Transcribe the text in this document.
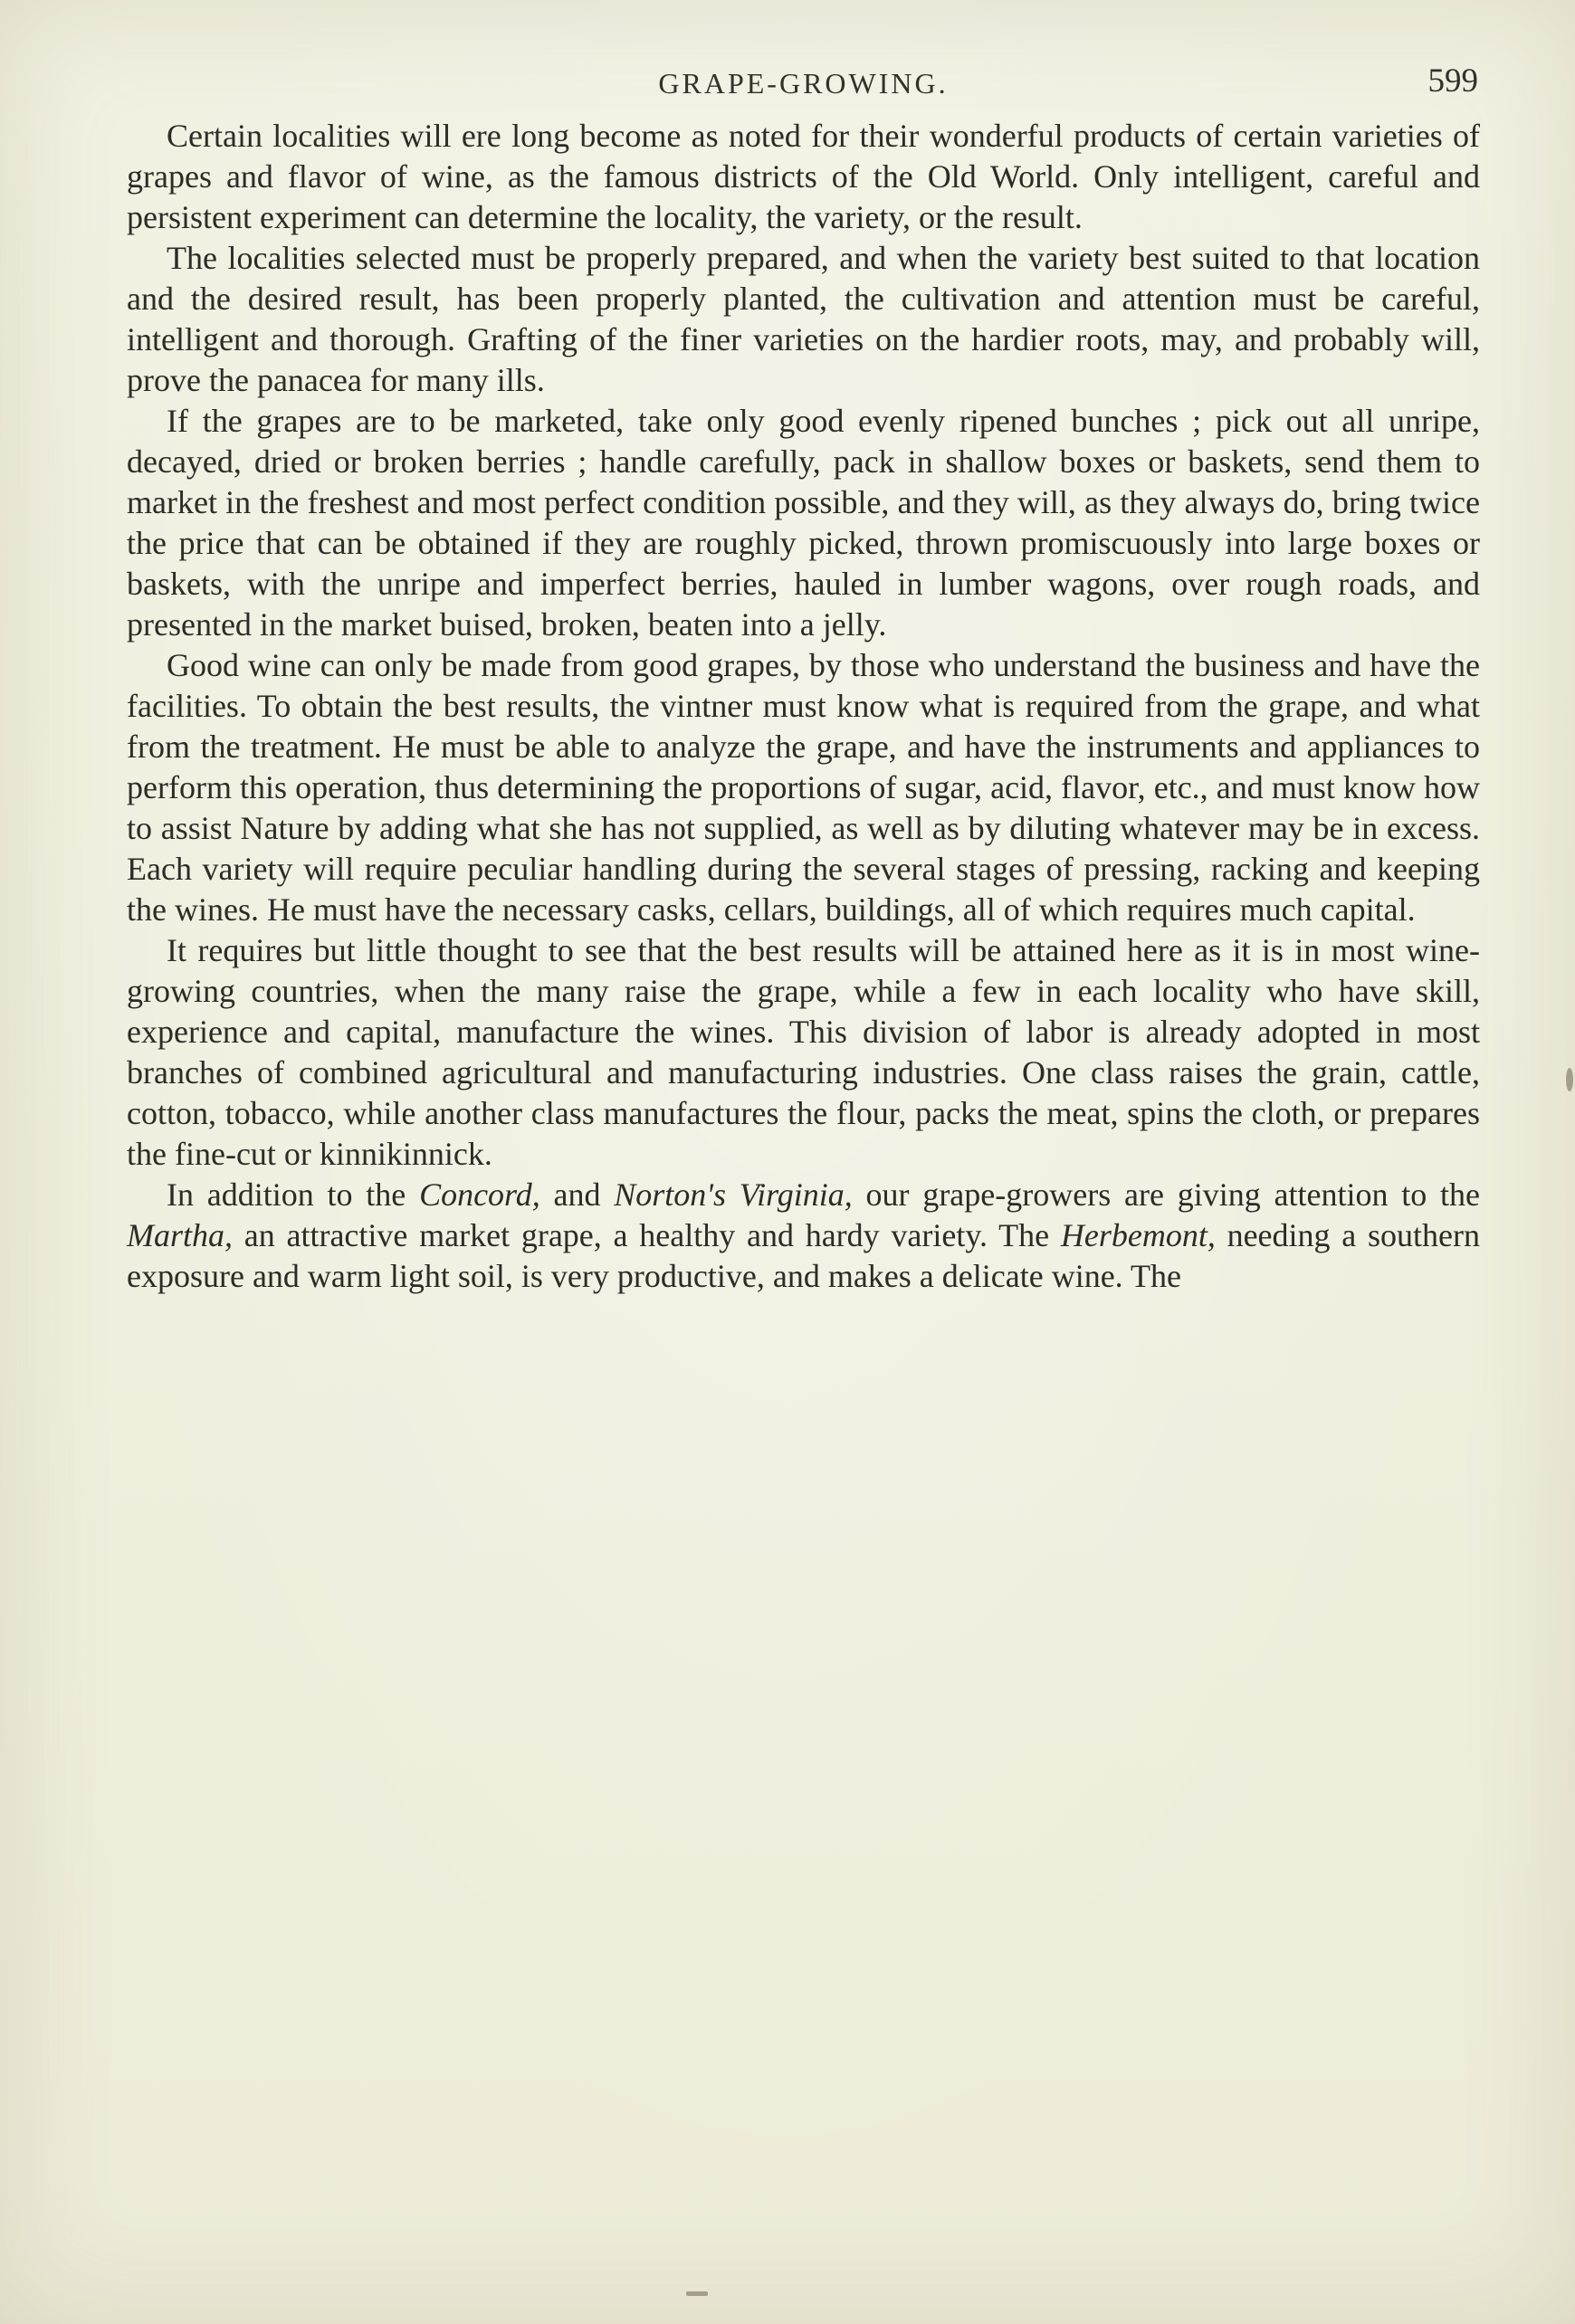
GRAPE-GROWING.	599

Certain localities will ere long become as noted for their wonderful products of certain varieties of grapes and flavor of wine, as the famous districts of the Old World. Only intelligent, careful and persistent experiment can determine the locality, the variety, or the result.

The localities selected must be properly prepared, and when the variety best suited to that location and the desired result, has been properly planted, the cultivation and attention must be careful, intelligent and thorough. Grafting of the finer varieties on the hardier roots, may, and probably will, prove the panacea for many ills.

If the grapes are to be marketed, take only good evenly ripened bunches ; pick out all unripe, decayed, dried or broken berries ; handle carefully, pack in shallow boxes or baskets, send them to market in the freshest and most perfect condition possible, and they will, as they always do, bring twice the price that can be obtained if they are roughly picked, thrown promiscuously into large boxes or baskets, with the unripe and imperfect berries, hauled in lumber wagons, over rough roads, and presented in the market buised, broken, beaten into a jelly.

Good wine can only be made from good grapes, by those who understand the business and have the facilities. To obtain the best results, the vintner must know what is required from the grape, and what from the treatment. He must be able to analyze the grape, and have the instruments and appliances to perform this operation, thus determining the proportions of sugar, acid, flavor, etc., and must know how to assist Nature by adding what she has not supplied, as well as by diluting whatever may be in excess. Each variety will require peculiar handling during the several stages of pressing, racking and keeping the wines. He must have the necessary casks, cellars, buildings, all of which requires much capital.

It requires but little thought to see that the best results will be attained here as it is in most wine-growing countries, when the many raise the grape, while a few in each locality who have skill, experience and capital, manufacture the wines. This division of labor is already adopted in most branches of combined agricultural and manufacturing industries. One class raises the grain, cattle, cotton, tobacco, while another class manufactures the flour, packs the meat, spins the cloth, or prepares the fine-cut or kinnikinnick.

In addition to the Concord, and Norton's Virginia, our grape-growers are giving attention to the Martha, an attractive market grape, a healthy and hardy variety. The Herbemont, needing a southern exposure and warm light soil, is very productive, and makes a delicate wine. The
